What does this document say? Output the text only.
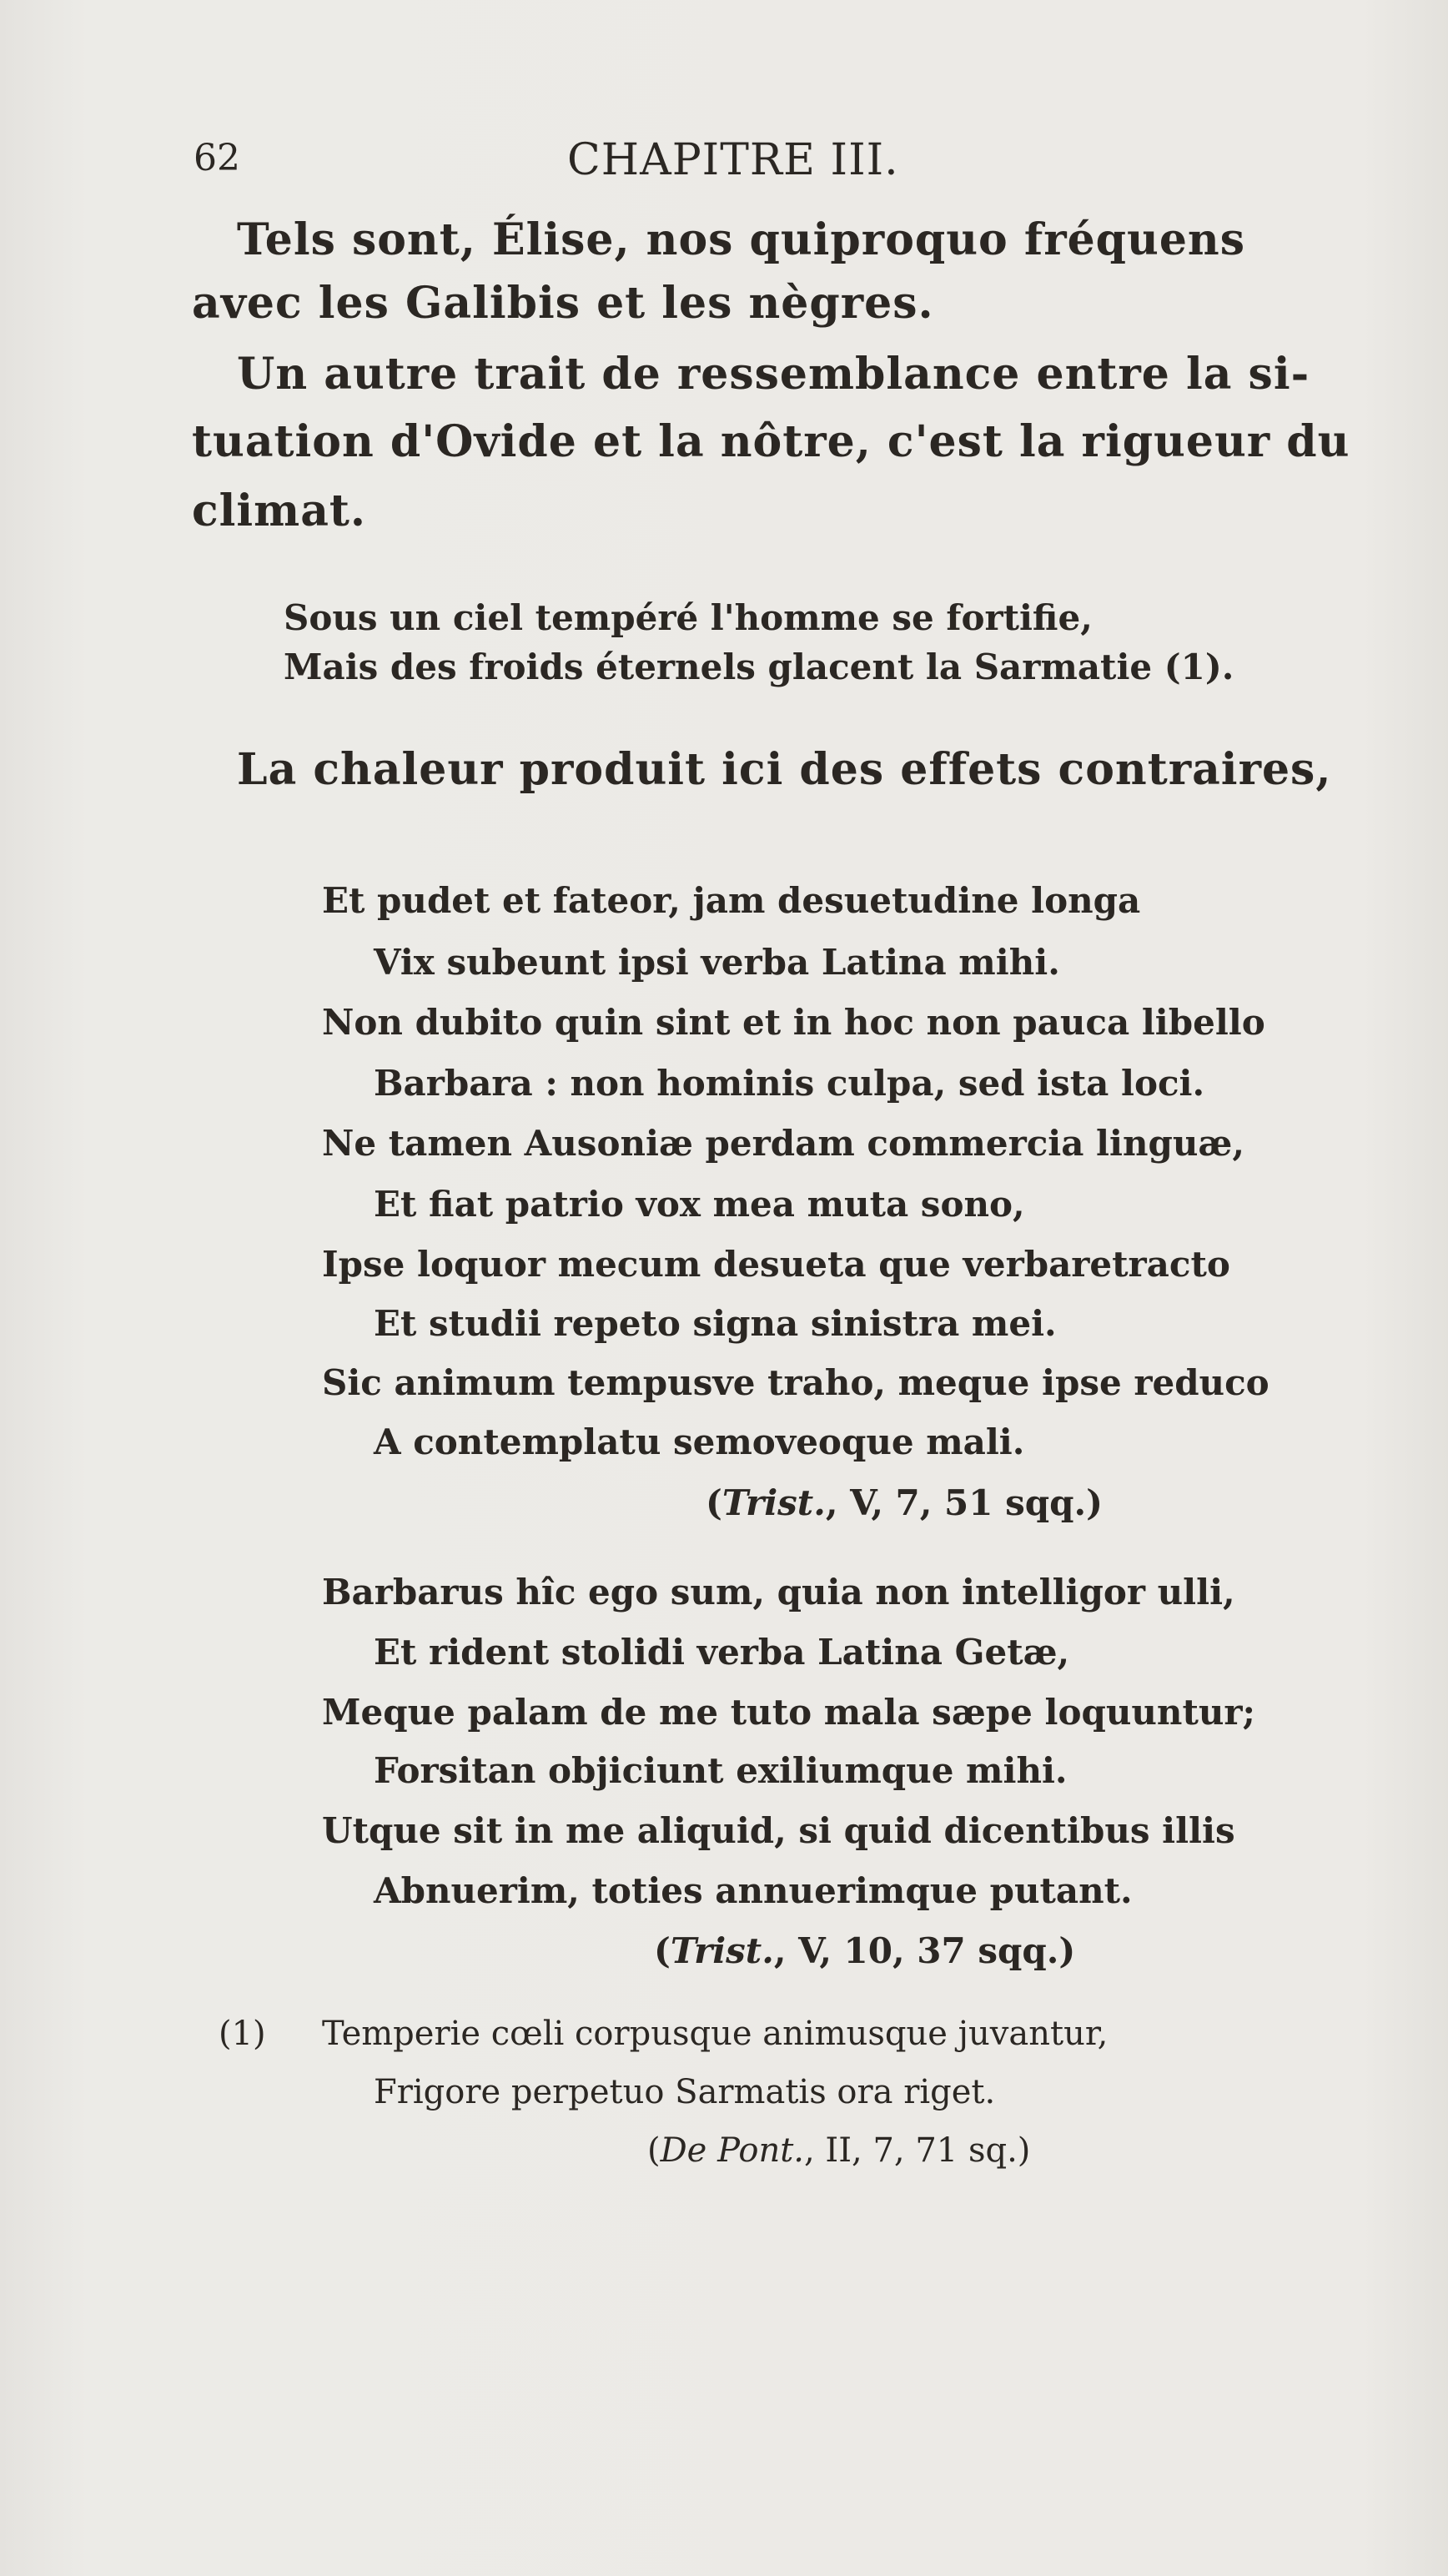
62	CHAPITRE III.
Tels sont, Élise, nos quiproquo fréquens
avec les Galibis et les nègres.
Un autre trait de ressemblance entre la si-
tuation d'Ovide et la nôtre, c'est la rigueur du
climat.
Sous un ciel tempéré l'homme se fortifie,
Mais des froids éternels glacent la Sarmatie (1).
La chaleur produit ici des effets contraires,
Et pudet et fateor, jam desuetudine longa
Vix subeunt ipsi verba Latina mihi.
Non dubito quin sint et in hoc non pauca libello
Barbara : non hominis culpa, sed ista loci.
Ne tamen Ausoniæ perdam commercia linguæ,
Et fiat patrio vox mea muta sono,
Ipse loquor mecum desueta que verbaretracto
Et studii repeto signa sinistra mei.
Sic animum tempusve traho, meque ipse reduco
A contemplatu semoveoque mali.
(Trist., V, 7, 51 sqq.)
Barbarus hîc ego sum, quia non intelligor ulli,
Et rident stolidi verba Latina Getæ,
Meque palam de me tuto mala sæpe loquuntur;
Forsitan objiciunt exiliumque mihi.
Utque sit in me aliquid, si quid dicentibus illis
Abnuerim, toties annuerimque putant.
(Trist., V, 10, 37 sqq.)
(1) Temperie cœli corpusque animusque juvantur,
Frigore perpetuo Sarmatis ora riget.
(De Pont., II, 7, 71 sq.)
